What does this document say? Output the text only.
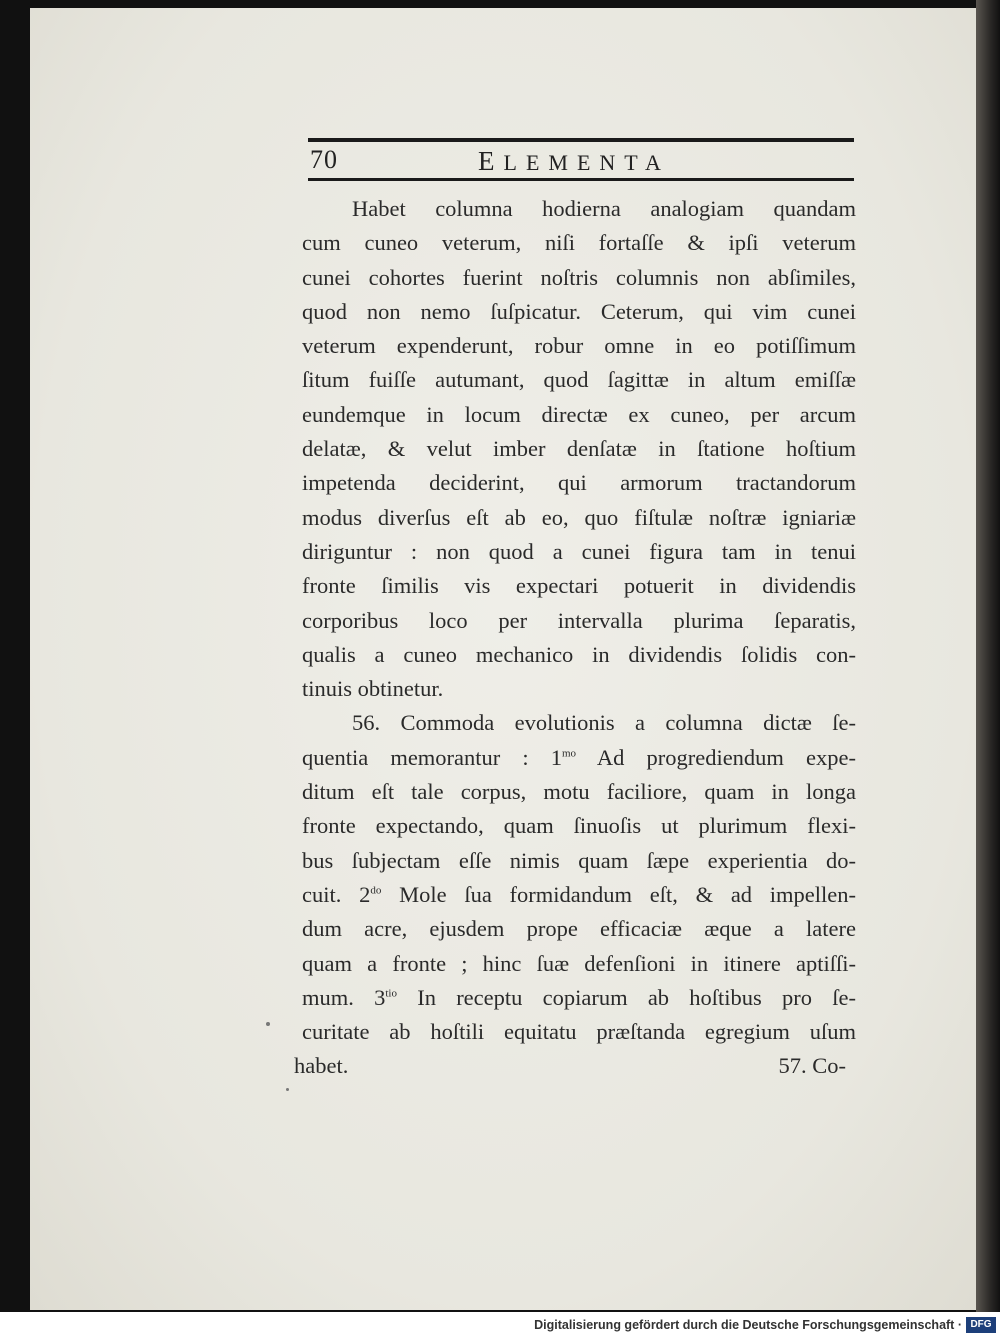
70	ELEMENTA
Habet columna hodierna analogiam quandam
cum cuneo veterum, niſi fortaſſe & ipſi veterum
cunei cohortes fuerint noſtris columnis non abſimiles,
quod non nemo ſuſpicatur. Ceterum, qui vim cunei
veterum expenderunt, robur omne in eo potiſſimum
ſitum fuiſſe autumant, quod ſagittæ in altum emiſſæ
eundemque in locum directæ ex cuneo, per arcum
delatæ, & velut imber denſatæ in ſtatione hoſtium
impetenda deciderint, qui armorum tractandorum
modus diverſus eſt ab eo, quo fiſtulæ noſtræ igniariæ
diriguntur : non quod a cunei figura tam in tenui
fronte ſimilis vis expectari potuerit in dividendis
corporibus loco per intervalla plurima ſeparatis,
qualis a cuneo mechanico in dividendis ſolidis con-
tinuis obtinetur.
56. Commoda evolutionis a columna dictæ ſe-
quentia memorantur : $1^{mo}$ Ad progrediendum expe-
ditum eſt tale corpus, motu faciliore, quam in longa
fronte expectando, quam ſinuoſis ut plurimum flexi-
bus ſubjectam eſſe nimis quam ſæpe experientia do-
cuit. $2^{do}$ Mole ſua formidandum eſt, & ad impellen-
dum acre, ejusdem prope efficaciæ æque a latere
quam a fronte ; hinc ſuæ defenſioni in itinere aptiſſi-
mum. $3^{tio}$ In receptu copiarum ab hoſtibus pro ſe-
curitate ab hoſtili equitatu præſtanda egregium uſum
habet.	57. Co-
Digitalisierung gefördert durch die Deutsche Forschungsgemeinschaft · DFG
